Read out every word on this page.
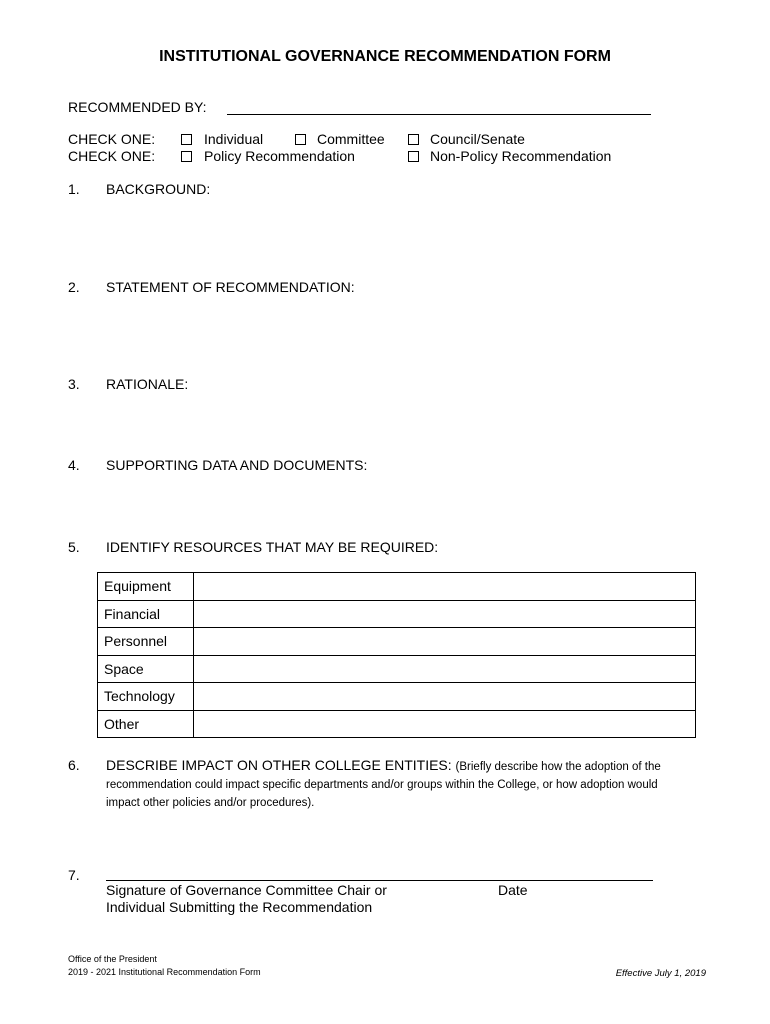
INSTITUTIONAL GOVERNANCE RECOMMENDATION FORM
RECOMMENDED BY:
CHECK ONE:	Individual	Committee	Council/Senate
CHECK ONE:	Policy Recommendation	Non-Policy Recommendation
1. BACKGROUND:
2. STATEMENT OF RECOMMENDATION:
3. RATIONALE:
4. SUPPORTING DATA AND DOCUMENTS:
5. IDENTIFY RESOURCES THAT MAY BE REQUIRED:
Equipment	
Financial	
Personnel	
Space	
Technology	
Other	
6. DESCRIBE IMPACT ON OTHER COLLEGE ENTITIES: (Briefly describe how the adoption of the recommendation could impact specific departments and/or groups within the College, or how adoption would impact other policies and/or procedures).
7.
Signature of Governance Committee Chair or	Date
Individual Submitting the Recommendation
Office of the President
2019 - 2021 Institutional Recommendation Form	Effective July 1, 2019
